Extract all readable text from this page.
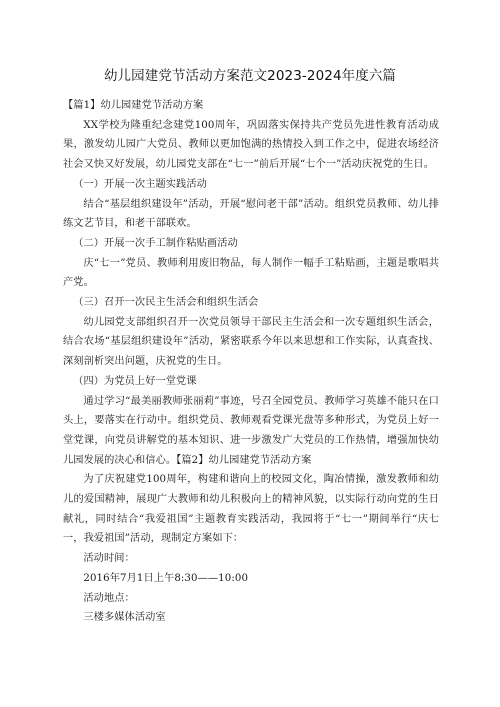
幼儿园建党节活动方案范文2023-2024年度六篇

【篇1】幼儿园建党节活动方案

XX学校为隆重纪念建党100周年，巩固落实保持共产党员先进性教育活动成果，激发幼儿园广大党员、教师以更加饱满的热情投入到工作之中，促进农场经济社会又快又好发展，幼儿园党支部在“七一”前后开展“七个一”活动庆祝党的生日。

（一）开展一次主题实践活动

结合“基层组织建设年”活动，开展“慰问老干部”活动。组织党员教师、幼儿排练文艺节目，和老干部联欢。

（二）开展一次手工制作粘贴画活动

庆“七一”党员、教师利用废旧物品，每人制作一幅手工粘贴画，主题是歌唱共产党。

（三）召开一次民主生活会和组织生活会

幼儿园党支部组织召开一次党员领导干部民主生活会和一次专题组织生活会，结合农场“基层组织建设年”活动，紧密联系今年以来思想和工作实际，认真查找、深刻剖析突出问题，庆祝党的生日。

（四）为党员上好一堂党课

通过学习“最美丽教师张丽莉”事迹，号召全园党员、教师学习英雄不能只在口头上，要落实在行动中。组织党员、教师观看党课光盘等多种形式，为党员上好一堂党课，向党员讲解党的基本知识、进一步激发广大党员的工作热情，增强加快幼儿园发展的决心和信心。【篇2】幼儿园建党节活动方案

为了庆祝建党100周年，构建和谐向上的校园文化，陶冶情操，激发教师和幼儿的爱国精神，展现广大教师和幼儿积极向上的精神风貌，以实际行动向党的生日献礼，同时结合“我爱祖国”主题教育实践活动，我园将于“七一”期间举行“庆七一，我爱祖国”活动，现制定方案如下：

活动时间：

2016年7月1日上午8:30——10:00

活动地点：

三楼多媒体活动室
